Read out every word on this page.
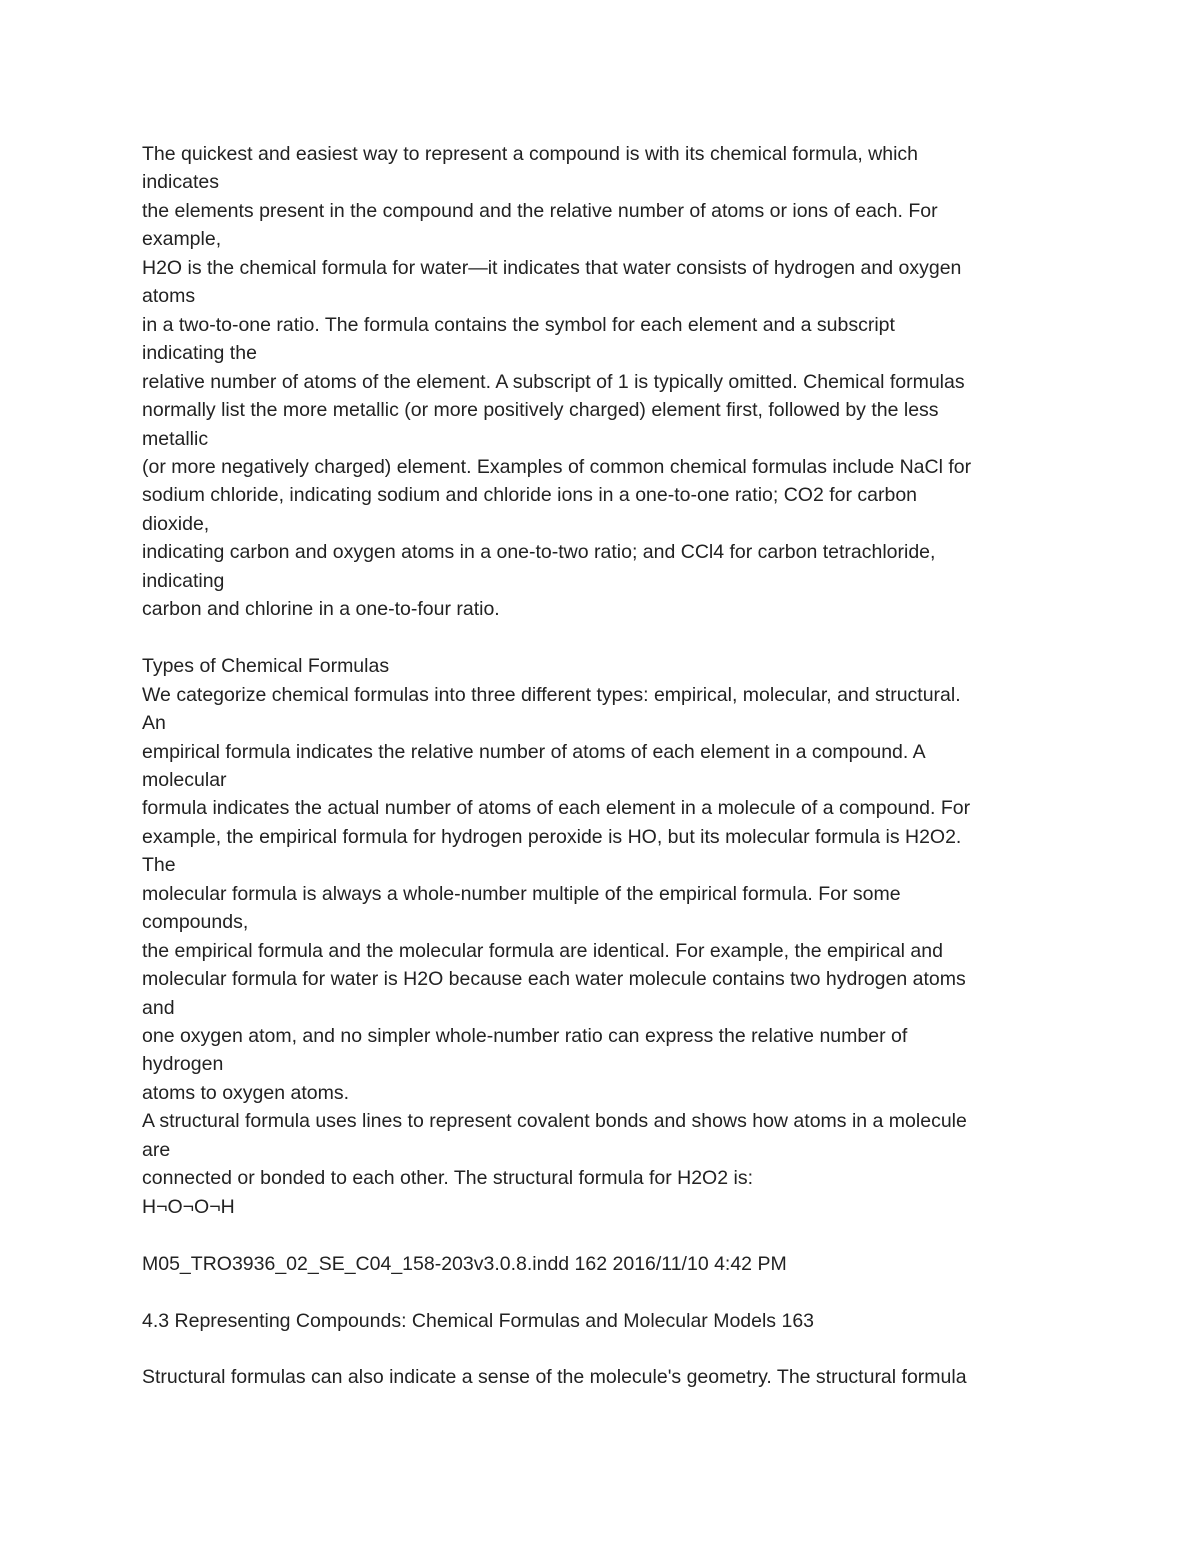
The quickest and easiest way to represent a compound is with its chemical formula, which
indicates
the elements present in the compound and the relative number of atoms or ions of each. For
example,
H2O is the chemical formula for water—it indicates that water consists of hydrogen and oxygen
atoms
in a two-to-one ratio. The formula contains the symbol for each element and a subscript
indicating the
relative number of atoms of the element. A subscript of 1 is typically omitted. Chemical formulas
normally list the more metallic (or more positively charged) element first, followed by the less
metallic
(or more negatively charged) element. Examples of common chemical formulas include NaCl for
sodium chloride, indicating sodium and chloride ions in a one-to-one ratio; CO2 for carbon
dioxide,
indicating carbon and oxygen atoms in a one-to-two ratio; and CCl4 for carbon tetrachloride,
indicating
carbon and chlorine in a one-to-four ratio.
Types of Chemical Formulas
We categorize chemical formulas into three different types: empirical, molecular, and structural.
An
empirical formula indicates the relative number of atoms of each element in a compound. A
molecular
formula indicates the actual number of atoms of each element in a molecule of a compound. For
example, the empirical formula for hydrogen peroxide is HO, but its molecular formula is H2O2.
The
molecular formula is always a whole-number multiple of the empirical formula. For some
compounds,
the empirical formula and the molecular formula are identical. For example, the empirical and
molecular formula for water is H2O because each water molecule contains two hydrogen atoms
and
one oxygen atom, and no simpler whole-number ratio can express the relative number of
hydrogen
atoms to oxygen atoms.
A structural formula uses lines to represent covalent bonds and shows how atoms in a molecule
are
connected or bonded to each other. The structural formula for H2O2 is:
H¬O¬O¬H
M05_TRO3936_02_SE_C04_158-203v3.0.8.indd 162 2016/11/10 4:42 PM
4.3 Representing Compounds: Chemical Formulas and Molecular Models 163
Structural formulas can also indicate a sense of the molecule's geometry. The structural formula
